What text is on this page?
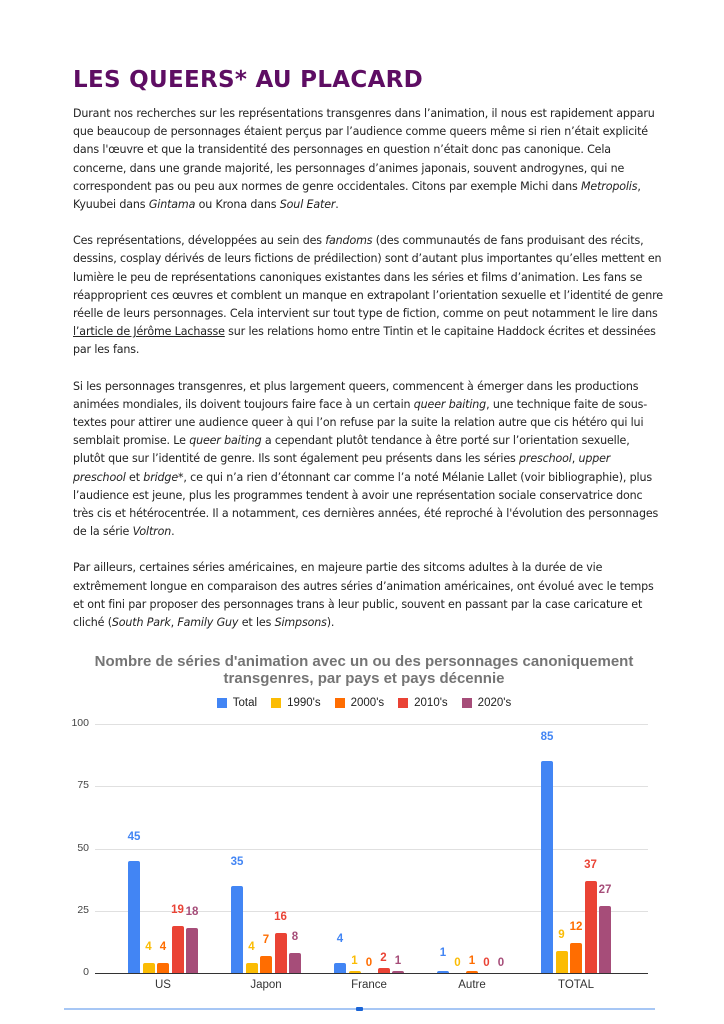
LES QUEERS* AU PLACARD

Durant nos recherches sur les représentations transgenres dans l’animation, il nous est rapidement apparu que beaucoup de personnages étaient perçus par l’audience comme queers même si rien n’était explicité dans l'œuvre et que la transidentité des personnages en question n’était donc pas canonique. Cela concerne, dans une grande majorité, les personnages d’animes japonais, souvent androgynes, qui ne correspondent pas ou peu aux normes de genre occidentales. Citons par exemple Michi dans Metropolis, Kyuubei dans Gintama ou Krona dans Soul Eater.

Ces représentations, développées au sein des fandoms (des communautés de fans produisant des récits, dessins, cosplay dérivés de leurs fictions de prédilection) sont d’autant plus importantes qu’elles mettent en lumière le peu de représentations canoniques existantes dans les séries et films d’animation. Les fans se réapproprient ces œuvres et comblent un manque en extrapolant l’orientation sexuelle et l’identité de genre réelle de leurs personnages. Cela intervient sur tout type de fiction, comme on peut notamment le lire dans l’article de Jérôme Lachasse sur les relations homo entre Tintin et le capitaine Haddock écrites et dessinées par les fans.

Si les personnages transgenres, et plus largement queers, commencent à émerger dans les productions animées mondiales, ils doivent toujours faire face à un certain queer baiting, une technique faite de sous-textes pour attirer une audience queer à qui l’on refuse par la suite la relation autre que cis hétéro qui lui semblait promise. Le queer baiting a cependant plutôt tendance à être porté sur l’orientation sexuelle, plutôt que sur l’identité de genre. Ils sont également peu présents dans les séries preschool, upper preschool et bridge*, ce qui n’a rien d’étonnant car comme l’a noté Mélanie Lallet (voir bibliographie), plus l’audience est jeune, plus les programmes tendent à avoir une représentation sociale conservatrice donc très cis et hétérocentrée. Il a notamment, ces dernières années, été reproché à l'évolution des personnages de la série Voltron.

Par ailleurs, certaines séries américaines, en majeure partie des sitcoms adultes à la durée de vie extrêmement longue en comparaison des autres séries d’animation américaines, ont évolué avec le temps et ont fini par proposer des personnages trans à leur public, souvent en passant par la case caricature et cliché (South Park, Family Guy et les Simpsons).

Nombre de séries d'animation avec un ou des personnages canoniquement
transgenres, par pays et pays décennie
Total	1990's	2000's	2010's	2020's
0
25
50
75
100
45
4 4
19 18
US
35
4
7
16
8
Japon
4
1 0 2 1
France
1
0 1 0 0
Autre
85
9
12
37
27
TOTAL
